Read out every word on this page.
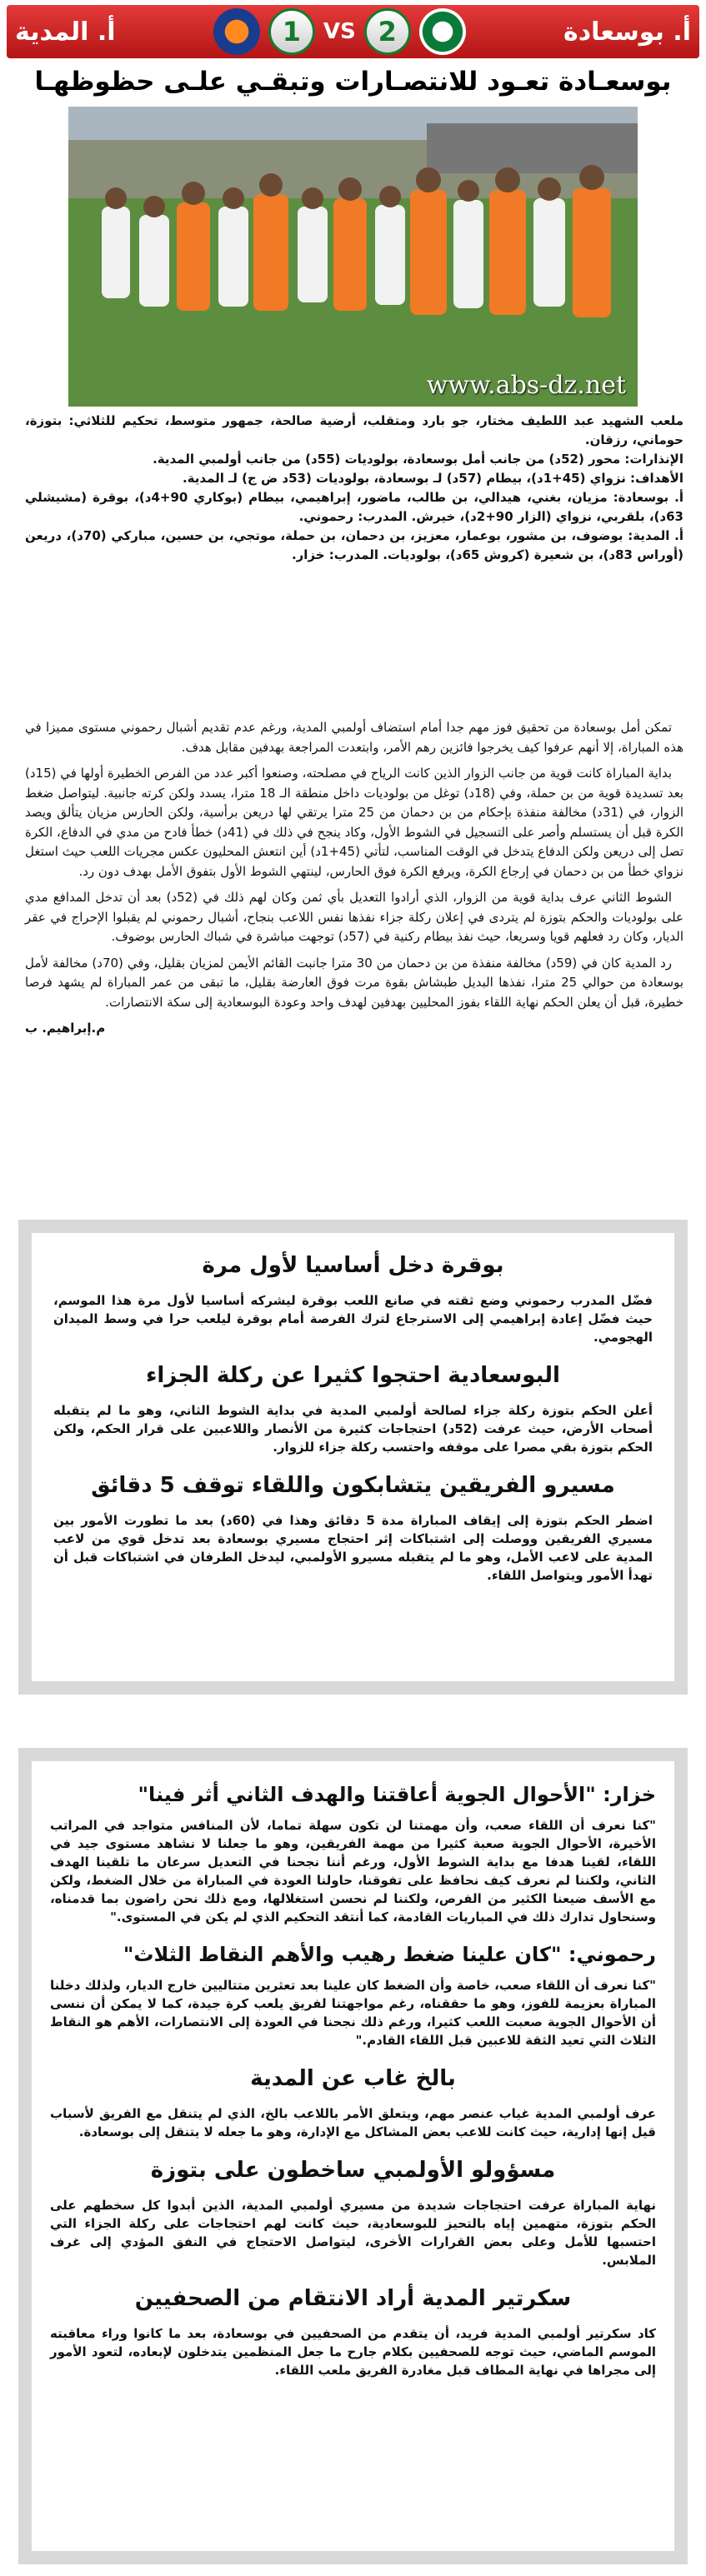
أ. بوسعادة
1	VS 2
أ. المدية
بوسعـادة تعـود للانتصـارات وتبقـي علـى حظوظهـا
www.abs-dz.net

ملعب الشهيد عبد اللطيف مختار، جو بارد ومتقلب، أرضية صالحة، جمهور متوسط، تحكيم للثلاثي: بتوزة، حوماني، رزقان.

الإنذارات: محور (52د) من جانب أمل بوسعادة، بولوديات (55د) من جانب أولمبي المدية.

الأهداف: نزواي (45+1د)، بيطام (57د) لـ بوسعادة، بولوديات (53د ض ج) لـ المدية.

أ. بوسعادة: مزيان، بغني، هيدالي، بن طالب، ماضور، إبراهيمي، بيطام (بوكاري 90+4د)، بوقرة (مشيشلي 63د)، بلقربي، نزواي (الزار 90+2د)، خيرش. المدرب: رحموني.

أ. المدية: بوضوف، بن مشور، بوعمار، معزيز، بن دحمان، بن حملة، موتجي، بن حسين، مباركي (70د)، دريعن (أوراس 83د)، بن شعيرة (كروش 65د)، بولوديات. المدرب: خزار.

تمكن أمل بوسعادة من تحقيق فوز مهم جدا أمام استضاف أولمبي المدية، ورغم عدم تقديم أشبال رحموني مستوى مميزا في هذه المباراة، إلا أنهم عرفوا كيف يخرجوا فائزين رهم الأمر، وابتعدت المراجعة بهدفين مقابل هدف.

بداية المباراة كانت قوية من جانب الزوار الذين كانت الرياح في مصلحته، وصنعوا أكبر عدد من الفرص الخطيرة أولها في (15د) بعد تسديدة قوية من بن حملة، وفي (18د) توغل من بولوديات داخل منطقة الـ 18 مترا، يسدد ولكن كرته جانبية. ليتواصل ضغط الزوار، في (31د) مخالفة منفذة بإحكام من بن دحمان من 25 مترا يرتقي لها دريعن برأسية، ولكن الحارس مزيان يتألق ويصد الكرة قبل أن يستسلم وأصر على التسجيل في الشوط الأول، وكاد ينجح في ذلك في (41د) خطأ فادح من مدي في الدفاع، الكرة تصل إلى دريعن ولكن الدفاع يتدخل في الوقت المناسب، لتأتي (45+1د) أين انتعش المحليون عكس مجريات اللعب حيث استغل نزواي خطأ من بن دحمان في إرجاع الكرة، ويرفع الكرة فوق الحارس، لينتهي الشوط الأول بتفوق الأمل بهدف دون رد.

الشوط الثاني عرف بداية قوية من الزوار، الذي أرادوا التعديل بأي ثمن وكان لهم ذلك في (52د) بعد أن تدخل المدافع مدي على بولوديات والحكم بتوزة لم يتردى في إعلان ركلة جزاء نفذها نفس اللاعب بنجاح، أشبال رحموني لم يقبلوا الإحراج في عقر الديار، وكان رد فعلهم قويا وسريعا، حيث نفذ بيطام ركنية في (57د) توجهت مباشرة في شباك الحارس بوضوف.

رد المدية كان في (59د) مخالفة منفذة من بن دحمان من 30 مترا جانبت القائم الأيمن لمزيان بقليل، وفي (70د) مخالفة لأمل بوسعادة من حوالي 25 مترا، نفذها البديل طبشاش بقوة مرت فوق العارضة بقليل، ما تبقى من عمر المباراة لم يشهد فرصا خطيرة، قبل أن يعلن الحكم نهاية اللقاء بفوز المحليين بهدفين لهدف واحد وعودة البوسعادية إلى سكة الانتصارات.

م.إبراهيم. ب

بوقرة دخل أساسيا لأول مرة
فضّل المدرب رحموني وضع ثقته في صانع اللعب بوقرة ليشركه أساسيا لأول مرة هذا الموسم، حيث فضّل إعادة إبراهيمي إلى الاسترجاع لترك الفرصة أمام بوقرة ليلعب حرا في وسط الميدان الهجومي.
البوسعادية احتجوا كثيرا عن ركلة الجزاء
أعلن الحكم بتوزة ركلة جزاء لصالحة أولمبي المدية في بداية الشوط الثاني، وهو ما لم يتقبله أصحاب الأرض، حيث عرفت (52د) احتجاجات كثيرة من الأنصار واللاعبين على قرار الحكم، ولكن الحكم بتوزة بقي مصرا على موقفه واحتسب ركلة جزاء للزوار.
مسيرو الفريقين يتشابكون واللقاء توقف 5 دقائق
اضطر الحكم بتوزة إلى إيقاف المباراة مدة 5 دقائق وهذا في (60د) بعد ما تطورت الأمور بين مسيري الفريقين ووصلت إلى اشتباكات إثر احتجاج مسيري بوسعادة بعد تدخل قوي من لاعب المدية على لاعب الأمل، وهو ما لم يتقبله مسيرو الأولمبي، ليدخل الطرفان في اشتباكات قبل أن تهدأ الأمور ويتواصل اللقاء.
خزار: "الأحوال الجوية أعاقتنا والهدف الثاني أثر فينا"
"كنا نعرف أن اللقاء صعب، وأن مهمتنا لن تكون سهلة تماما، لأن المنافس متواجد في المراتب الأخيرة، الأحوال الجوية صعبة كثيرا من مهمة الفريقين، وهو ما جعلنا لا نشاهد مستوى جيد في اللقاء، لقينا هدفا مع بداية الشوط الأول، ورغم أننا نجحنا في التعديل سرعان ما تلقينا الهدف الثاني، ولكننا لم نعرف كيف نحافظ على تفوقنا، حاولنا العودة في المباراة من خلال الضغط، ولكن مع الأسف ضيعنا الكثير من الفرص، ولكننا لم نحسن استغلالها، ومع ذلك نحن راضون بما قدمناه، وسنحاول تدارك ذلك في المباريات القادمة، كما أنتقد التحكيم الذي لم يكن في المستوى."
رحموني: "كان علينا ضغط رهيب والأهم النقاط الثلاث"
"كنا نعرف أن اللقاء صعب، خاصة وأن الضغط كان علينا بعد تعثرين متتاليين خارج الديار، ولذلك دخلنا المباراة بعزيمة للفوز، وهو ما حققناه، رغم مواجهتنا لفريق يلعب كرة جيدة، كما لا يمكن أن ننسى أن الأحوال الجوية صعبت اللعب كثيرا، ورغم ذلك نجحنا في العودة إلى الانتصارات، الأهم هو النقاط الثلاث التي تعيد الثقة للاعبين قبل اللقاء القادم."
بالخ غاب عن المدية
عرف أولمبي المدية غياب عنصر مهم، ويتعلق الأمر باللاعب بالخ، الذي لم يتنقل مع الفريق لأسباب قيل إنها إدارية، حيث كانت للاعب بعض المشاكل مع الإدارة، وهو ما جعله لا يتنقل إلى بوسعادة.
مسؤولو الأولمبي ساخطون على بتوزة
نهاية المباراة عرفت احتجاجات شديدة من مسيري أولمبي المدية، الذين أبدوا كل سخطهم على الحكم بتوزة، متهمين إياه بالتحيز للبوسعادية، حيث كانت لهم احتجاجات على ركلة الجزاء التي احتسبها للأمل وعلى بعض القرارات الأخرى، ليتواصل الاحتجاج في النفق المؤدي إلى غرف الملابس.
سكرتير المدية أراد الانتقام من الصحفيين
كاد سكرتير أولمبي المدية فريد، أن يتقدم من الصحفيين في بوسعادة، بعد ما كانوا وراء معاقبته الموسم الماضي، حيث توجه للصحفيين بكلام جارح ما جعل المنظمين يتدخلون لإبعاده، لتعود الأمور إلى مجراها في نهاية المطاف قبل مغادرة الفريق ملعب اللقاء.
